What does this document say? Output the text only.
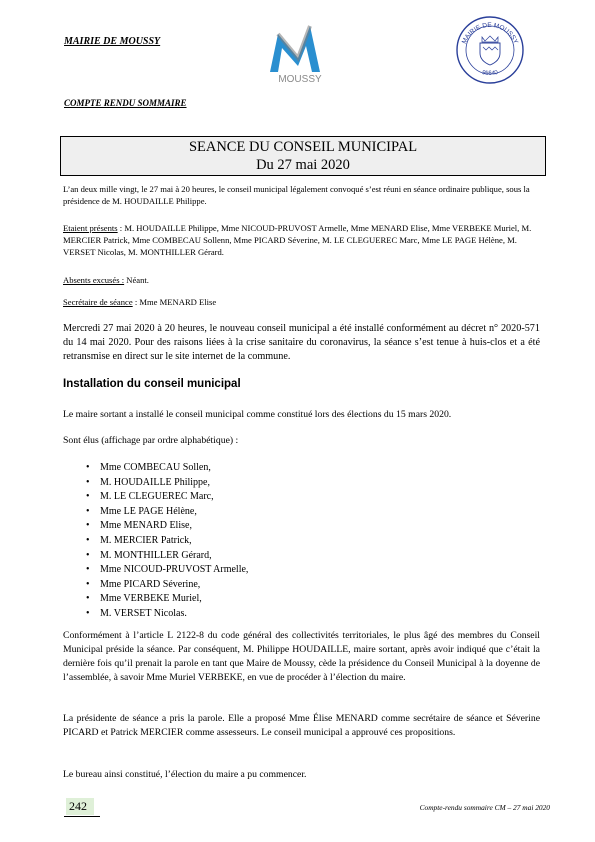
MAIRIE DE MOUSSY
MOUSSY
MAIRIE DE MOUSSY
95640
COMPTE RENDU SOMMAIRE
SEANCE DU CONSEIL MUNICIPAL
Du 27 mai 2020
L’an deux mille vingt, le 27 mai à 20 heures, le conseil municipal légalement convoqué s’est réuni en séance ordinaire publique, sous la présidence de M. HOUDAILLE Philippe.
Etaient présents : M. HOUDAILLE Philippe, Mme NICOUD-PRUVOST Armelle, Mme MENARD Elise, Mme VERBEKE Muriel, M. MERCIER Patrick, Mme COMBECAU Sollenn, Mme PICARD Séverine, M. LE CLEGUEREC Marc, Mme LE PAGE Hélène, M. VERSET Nicolas, M. MONTHILLER Gérard.
Absents excusés : Néant.
Secrétaire de séance : Mme MENARD Elise
Mercredi 27 mai 2020 à 20 heures, le nouveau conseil municipal a été installé conformément au décret n° 2020-571 du 14 mai 2020. Pour des raisons liées à la crise sanitaire du coronavirus, la séance s’est tenue à huis-clos et a été retransmise en direct sur le site internet de la commune.
Installation du conseil municipal
Le maire sortant a installé le conseil municipal comme constitué lors des élections du 15 mars 2020.
Sont élus (affichage par ordre alphabétique) :
• Mme COMBECAU Sollen,
• M. HOUDAILLE Philippe,
• M. LE CLEGUEREC Marc,
• Mme LE PAGE Hélène,
• Mme MENARD Elise,
• M. MERCIER Patrick,
• M. MONTHILLER Gérard,
• Mme NICOUD-PRUVOST Armelle,
• Mme PICARD Séverine,
• Mme VERBEKE Muriel,
• M. VERSET Nicolas.
Conformément à l’article L 2122-8 du code général des collectivités territoriales, le plus âgé des membres du Conseil Municipal préside la séance. Par conséquent, M. Philippe HOUDAILLE, maire sortant, après avoir indiqué que c’était la dernière fois qu’il prenait la parole en tant que Maire de Moussy, cède la présidence du Conseil Municipal à la doyenne de l’assemblée, à savoir Mme Muriel VERBEKE, en vue de procéder à l’élection du maire.
La présidente de séance a pris la parole. Elle a proposé Mme Élise MENARD comme secrétaire de séance et Séverine PICARD et Patrick MERCIER comme assesseurs. Le conseil municipal a approuvé ces propositions.
Le bureau ainsi constitué, l’élection du maire a pu commencer.
242	Compte-rendu sommaire CM – 27 mai 2020
